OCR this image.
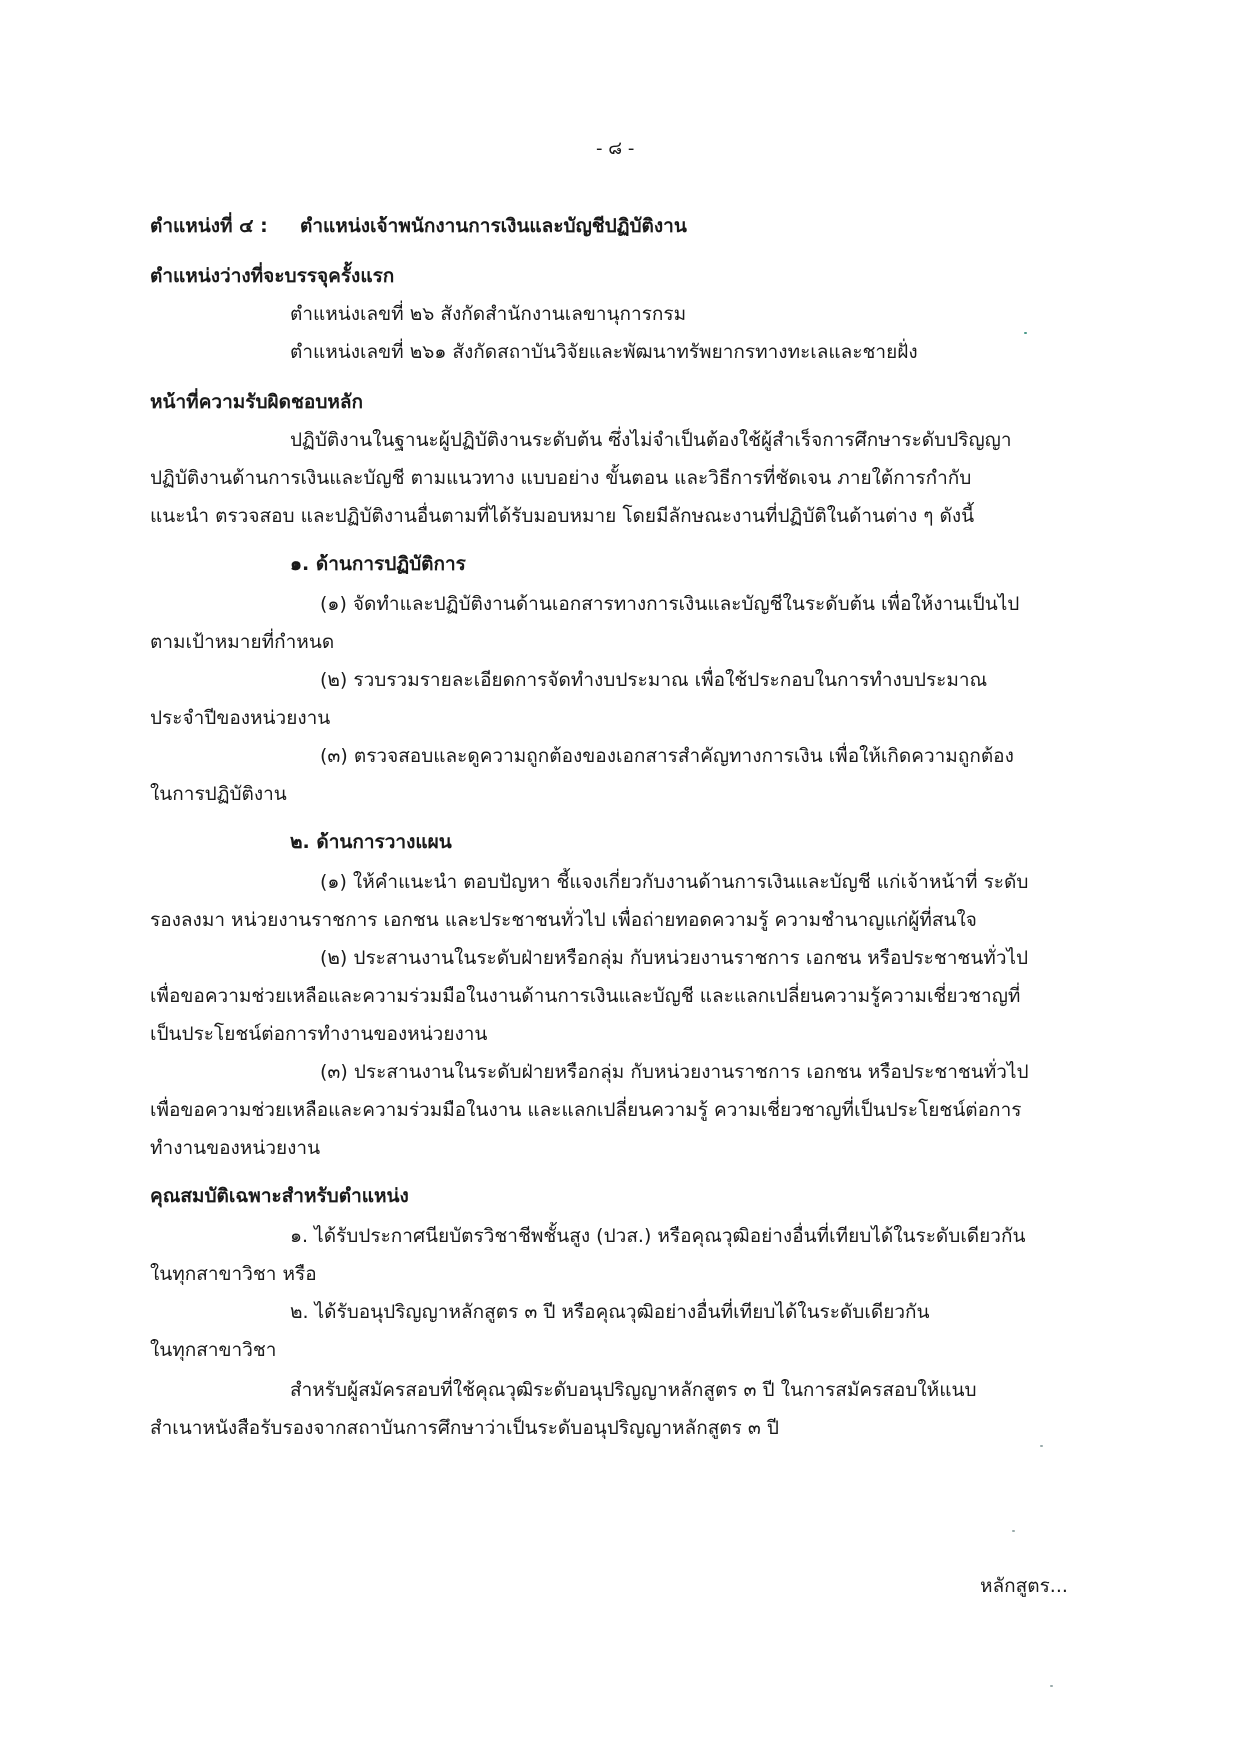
- ๘ -

ตำแหน่งที่ ๔ : ตำแหน่งเจ้าพนักงานการเงินและบัญชีปฏิบัติงาน

ตำแหน่งว่างที่จะบรรจุครั้งแรก

ตำแหน่งเลขที่ ๒๖ สังกัดสำนักงานเลขานุการกรม

ตำแหน่งเลขที่ ๒๖๑ สังกัดสถาบันวิจัยและพัฒนาทรัพยากรทางทะเลและชายฝั่ง

หน้าที่ความรับผิดชอบหลัก

ปฏิบัติงานในฐานะผู้ปฏิบัติงานระดับต้น ซึ่งไม่จำเป็นต้องใช้ผู้สำเร็จการศึกษาระดับปริญญา

ปฏิบัติงานด้านการเงินและบัญชี ตามแนวทาง แบบอย่าง ขั้นตอน และวิธีการที่ชัดเจน ภายใต้การกำกับ

แนะนำ ตรวจสอบ และปฏิบัติงานอื่นตามที่ได้รับมอบหมาย โดยมีลักษณะงานที่ปฏิบัติในด้านต่าง ๆ ดังนี้

๑. ด้านการปฏิบัติการ

(๑) จัดทำและปฏิบัติงานด้านเอกสารทางการเงินและบัญชีในระดับต้น เพื่อให้งานเป็นไป

ตามเป้าหมายที่กำหนด

(๒) รวบรวมรายละเอียดการจัดทำงบประมาณ เพื่อใช้ประกอบในการทำงบประมาณ

ประจำปีของหน่วยงาน

(๓) ตรวจสอบและดูความถูกต้องของเอกสารสำคัญทางการเงิน เพื่อให้เกิดความถูกต้อง

ในการปฏิบัติงาน

๒. ด้านการวางแผน

(๑) ให้คำแนะนำ ตอบปัญหา ชี้แจงเกี่ยวกับงานด้านการเงินและบัญชี แก่เจ้าหน้าที่ ระดับ

รองลงมา หน่วยงานราชการ เอกชน และประชาชนทั่วไป เพื่อถ่ายทอดความรู้ ความชำนาญแก่ผู้ที่สนใจ

(๒) ประสานงานในระดับฝ่ายหรือกลุ่ม กับหน่วยงานราชการ เอกชน หรือประชาชนทั่วไป

เพื่อขอความช่วยเหลือและความร่วมมือในงานด้านการเงินและบัญชี และแลกเปลี่ยนความรู้ความเชี่ยวชาญที่

เป็นประโยชน์ต่อการทำงานของหน่วยงาน

(๓) ประสานงานในระดับฝ่ายหรือกลุ่ม กับหน่วยงานราชการ เอกชน หรือประชาชนทั่วไป

เพื่อขอความช่วยเหลือและความร่วมมือในงาน และแลกเปลี่ยนความรู้ ความเชี่ยวชาญที่เป็นประโยชน์ต่อการ

ทำงานของหน่วยงาน

คุณสมบัติเฉพาะสำหรับตำแหน่ง

๑. ได้รับประกาศนียบัตรวิชาชีพชั้นสูง (ปวส.) หรือคุณวุฒิอย่างอื่นที่เทียบได้ในระดับเดียวกัน

ในทุกสาขาวิชา หรือ

๒. ได้รับอนุปริญญาหลักสูตร ๓ ปี หรือคุณวุฒิอย่างอื่นที่เทียบได้ในระดับเดียวกัน

ในทุกสาขาวิชา

สำหรับผู้สมัครสอบที่ใช้คุณวุฒิระดับอนุปริญญาหลักสูตร ๓ ปี ในการสมัครสอบให้แนบ

สำเนาหนังสือรับรองจากสถาบันการศึกษาว่าเป็นระดับอนุปริญญาหลักสูตร ๓ ปี

หลักสูตร...
